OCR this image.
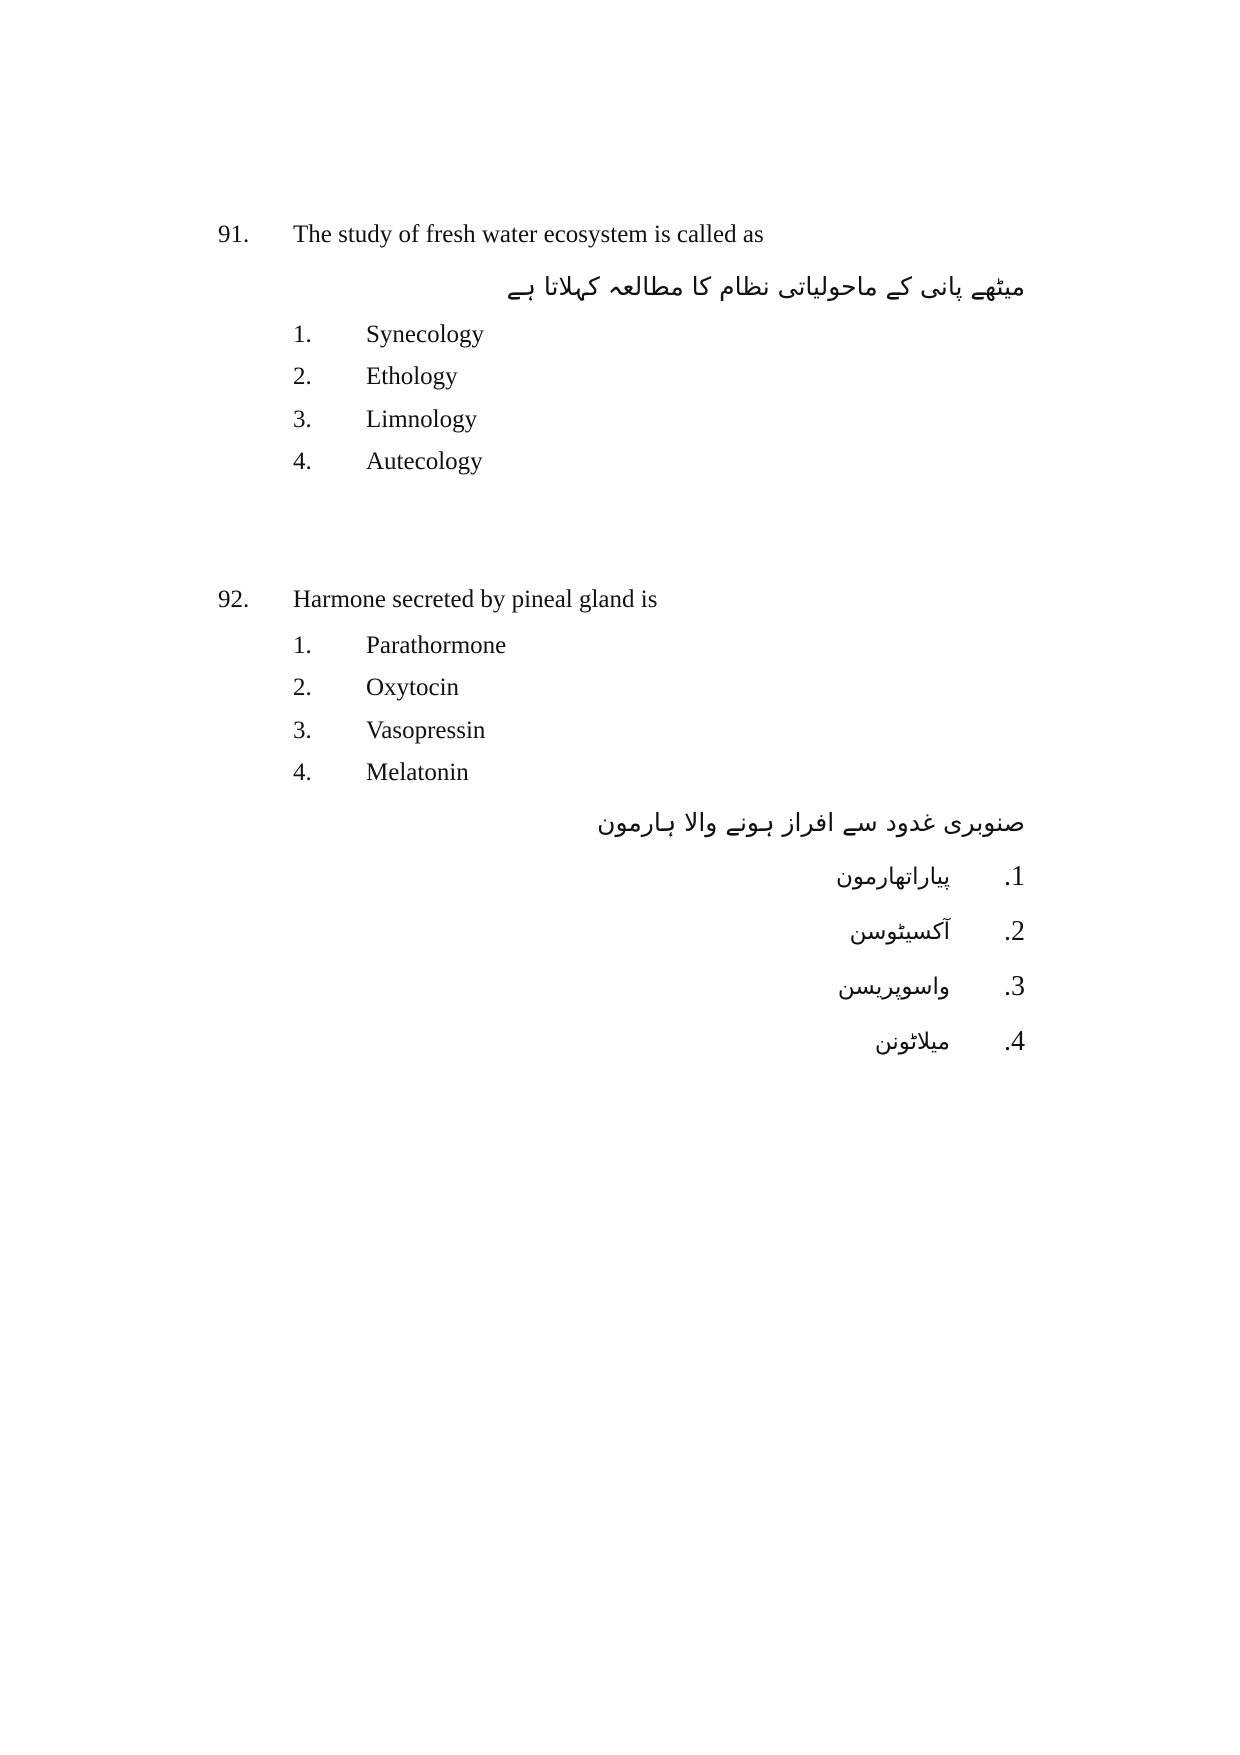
91. The study of fresh water ecosystem is called as
میٹھے پانی کے ماحولیاتی نظام کا مطالعہ کہلاتا ہے
1. Synecology
2. Ethology
3. Limnology
4. Autecology
92. Harmone secreted by pineal gland is
1. Parathormone
2. Oxytocin
3. Vasopressin
4. Melatonin
صنوبری غدود سے افراز ہونے والا ہارمون
.1
پیاراتھارمون
.2
آکسیٹوسن
.3
واسوپریسن
.4
میلاٹونن
